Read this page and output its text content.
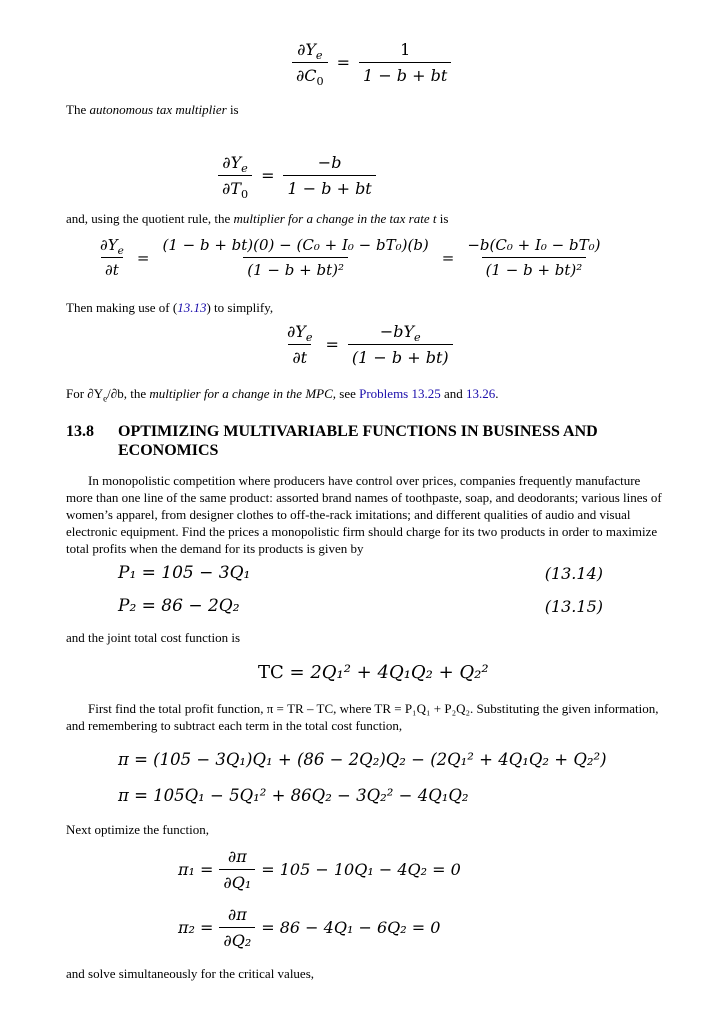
$\frac{\partial Y_e}{\partial C_0} = \frac{1}{1 - b + bt}$

The autonomous tax multiplier is

$\frac{\partial Y_e}{\partial T_0} = \frac{-b}{1 - b + bt}$

and, using the quotient rule, the multiplier for a change in the tax rate t is

$\frac{\partial Y_e}{\partial t} = \frac{\text{(1 − b + bt)(0) − (C₀ + I₀ − bT₀)(b)}}{\text{(1 − b + bt)²}} = \frac{\text{−b(C₀ + I₀ − bT₀)}}{\text{(1 − b + bt)²}}$

Then making use of (13.13) to simplify,

$\frac{\partial Y_e}{\partial t} = \frac{-bY_e}{(1 - b + bt)}$

For $\partial Y_e/\partial b$, the multiplier for a change in the MPC, see Problems 13.25 and 13.26.

13.8	OPTIMIZING MULTIVARIABLE FUNCTIONS IN BUSINESS AND ECONOMICS

In monopolistic competition where producers have control over prices, companies frequently manufacture more than one line of the same product: assorted brand names of toothpaste, soap, and deodorants; various lines of women’s apparel, from designer clothes to off-the-rack imitations; and different qualities of audio and visual electronic equipment. Find the prices a monopolistic firm should charge for its two products in order to maximize total profits when the demand for its products is given by

P₁ = 105 − 3Q₁	(13.14)
P₂ = 86 − 2Q₂	(13.15)

and the joint total cost function is

TC
= 2Q₁² + 4Q₁Q₂ + Q₂²

First find the total profit function, π = TR – TC, where TR = P₁Q₁ + P₂Q₂. Substituting the given information, and remembering to subtract each term in the total cost function,

π = (105 − 3Q₁)Q₁ + (86 − 2Q₂)Q₂ − (2Q₁² + 4Q₁Q₂ + Q₂²)
π = 105Q₁ − 5Q₁² + 86Q₂ − 3Q₂² − 4Q₁Q₂

Next optimize the function,

$\pi_1 = \frac{\partial\pi}{\text{∂Q₁}} = 105 - 10Q_1 - 4Q_2 = 0$
$\pi_2 = \frac{\partial\pi}{\text{∂Q₂}} = 86 - 4Q_1 - 6Q_2 = 0$

and solve simultaneously for the critical values,
